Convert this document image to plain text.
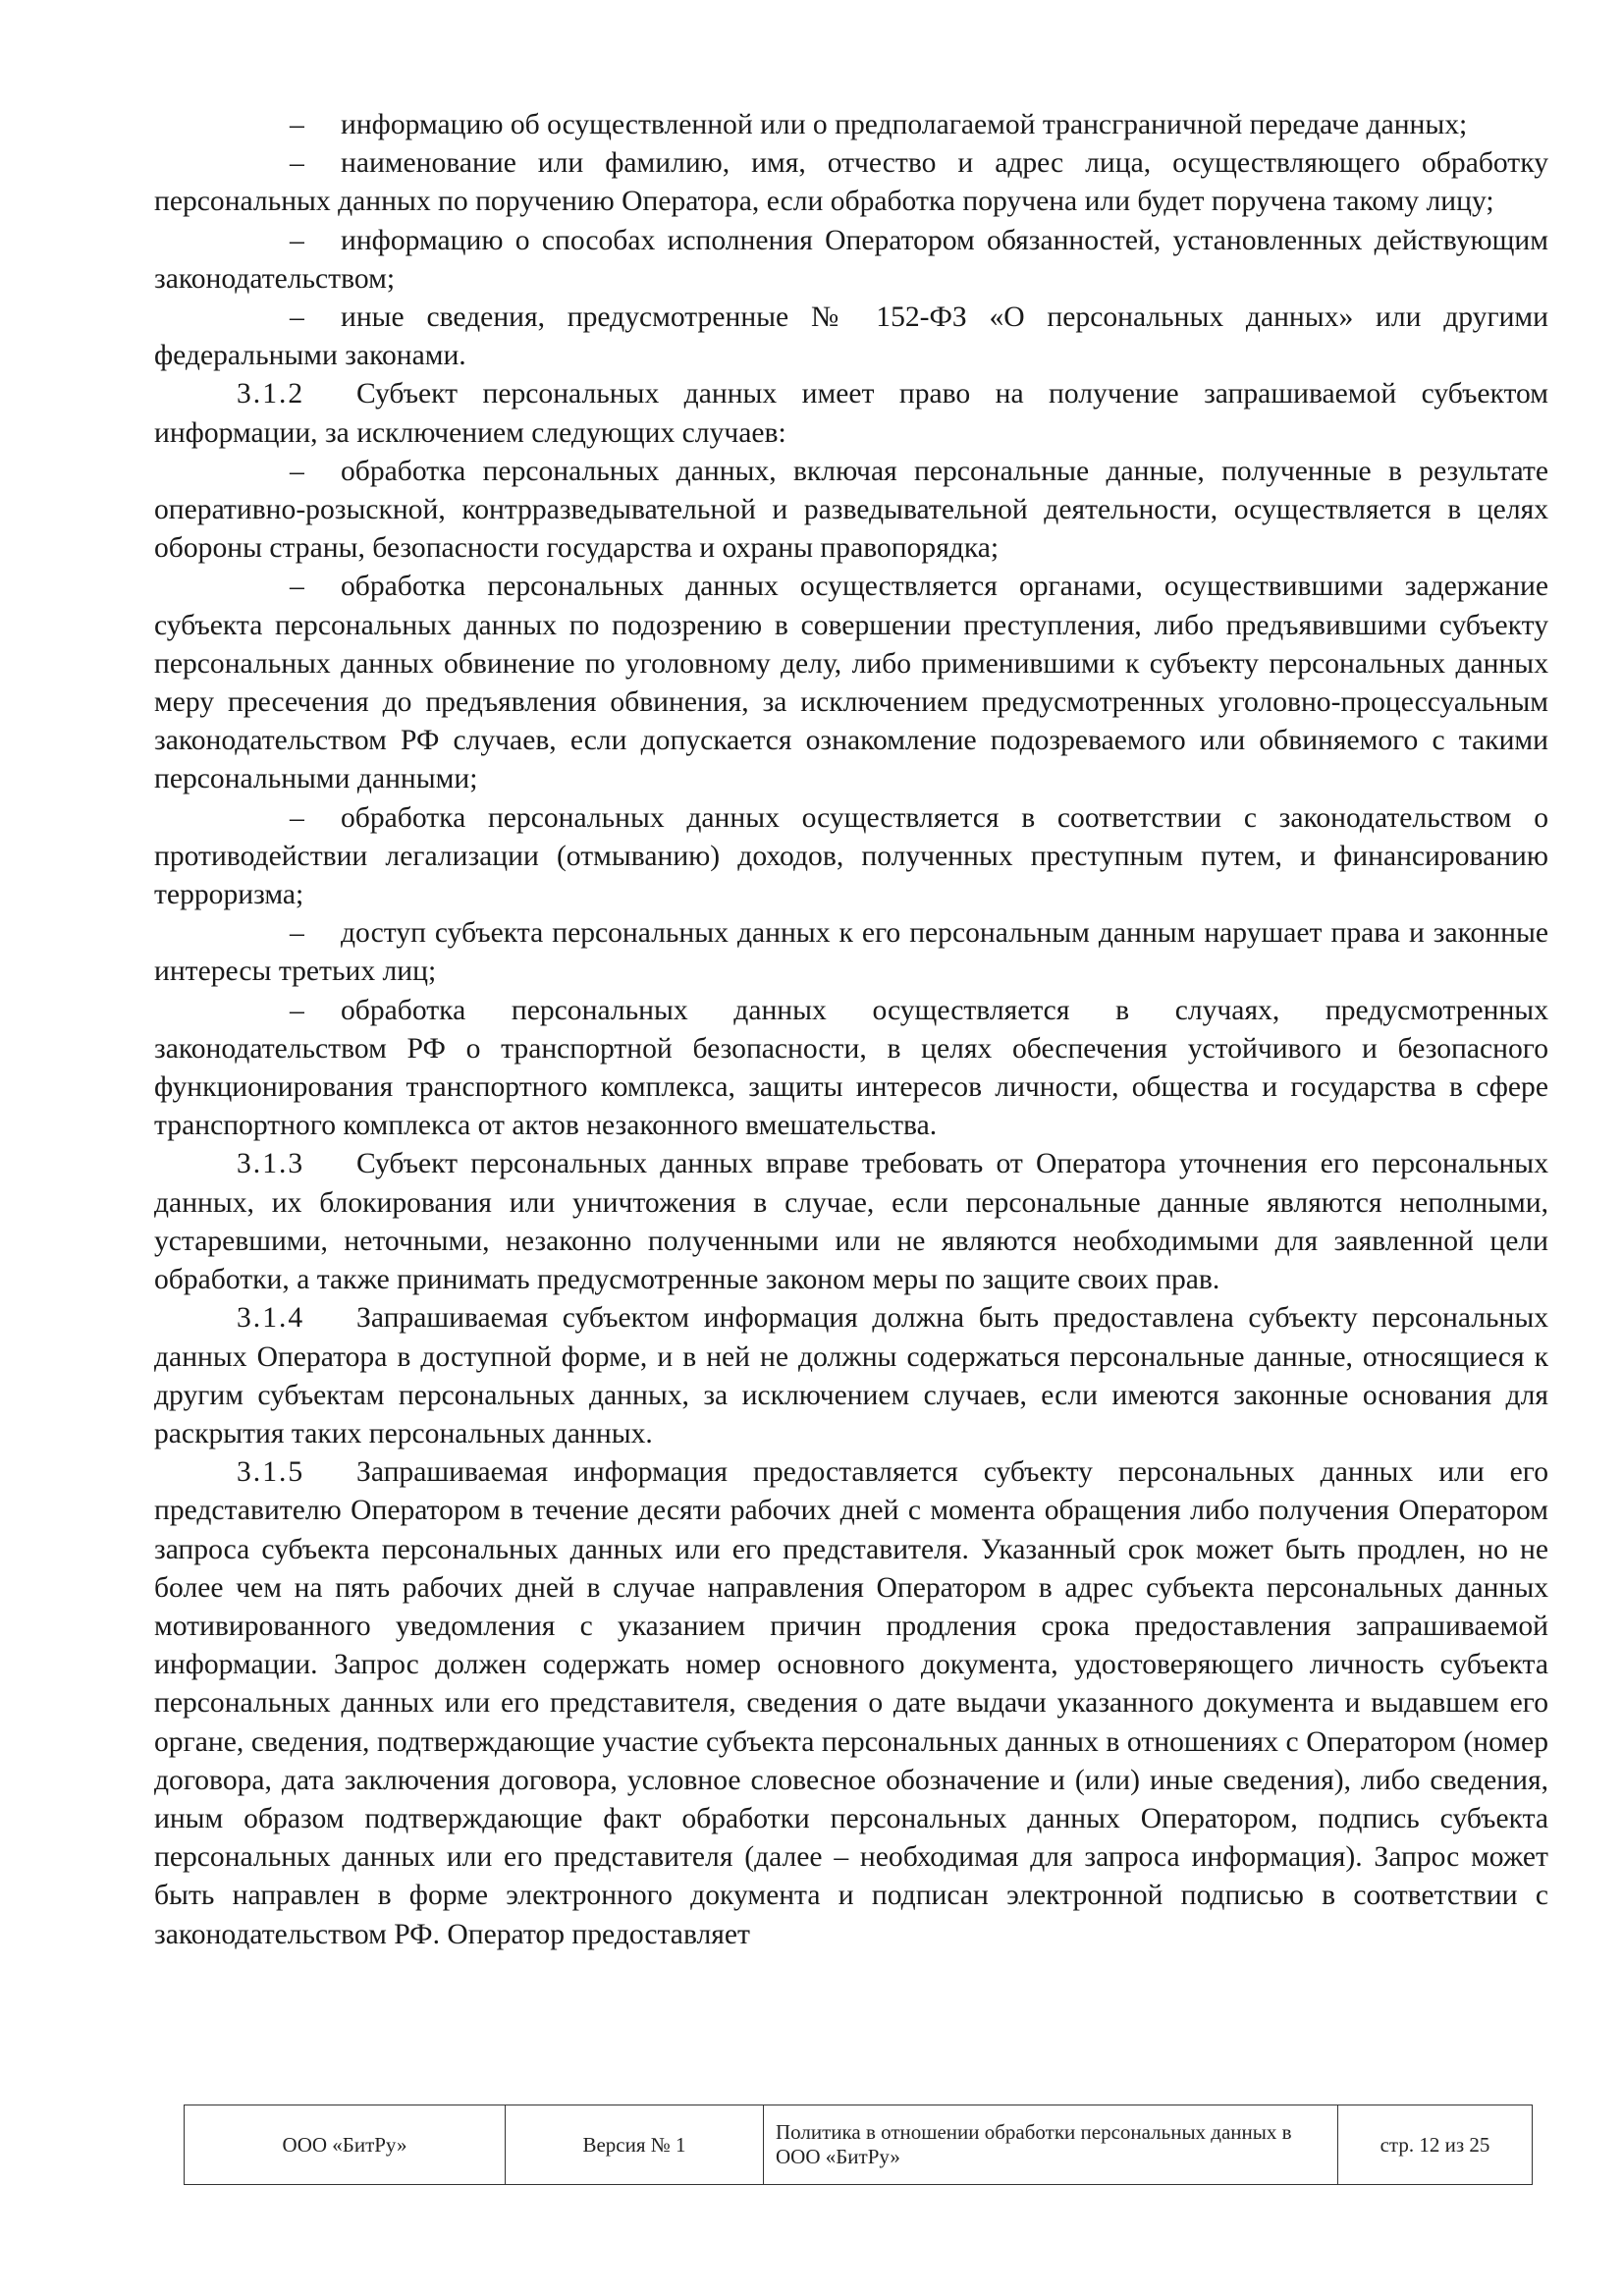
– информацию об осуществленной или о предполагаемой трансграничной передаче данных;

– наименование или фамилию, имя, отчество и адрес лица, осуществляющего обработку персональных данных по поручению Оператора, если обработка поручена или будет поручена такому лицу;

– информацию о способах исполнения Оператором обязанностей, установленных действующим законодательством;

– иные сведения, предусмотренные № 152-ФЗ «О персональных данных» или другими федеральными законами.

3.1.2 Субъект персональных данных имеет право на получение запрашиваемой субъектом информации, за исключением следующих случаев:

– обработка персональных данных, включая персональные данные, полученные в результате оперативно-розыскной, контрразведывательной и разведывательной деятельности, осуществляется в целях обороны страны, безопасности государства и охраны правопорядка;

– обработка персональных данных осуществляется органами, осуществившими задержание субъекта персональных данных по подозрению в совершении преступления, либо предъявившими субъекту персональных данных обвинение по уголовному делу, либо применившими к субъекту персональных данных меру пресечения до предъявления обвинения, за исключением предусмотренных уголовно-процессуальным законодательством РФ случаев, если допускается ознакомление подозреваемого или обвиняемого с такими персональными данными;

– обработка персональных данных осуществляется в соответствии с законодательством о противодействии легализации (отмыванию) доходов, полученных преступным путем, и финансированию терроризма;

– доступ субъекта персональных данных к его персональным данным нарушает права и законные интересы третьих лиц;

– обработка персональных данных осуществляется в случаях, предусмотренных законодательством РФ о транспортной безопасности, в целях обеспечения устойчивого и безопасного функционирования транспортного комплекса, защиты интересов личности, общества и государства в сфере транспортного комплекса от актов незаконного вмешательства.

3.1.3 Субъект персональных данных вправе требовать от Оператора уточнения его персональных данных, их блокирования или уничтожения в случае, если персональные данные являются неполными, устаревшими, неточными, незаконно полученными или не являются необходимыми для заявленной цели обработки, а также принимать предусмотренные законом меры по защите своих прав.

3.1.4 Запрашиваемая субъектом информация должна быть предоставлена субъекту персональных данных Оператора в доступной форме, и в ней не должны содержаться персональные данные, относящиеся к другим субъектам персональных данных, за исключением случаев, если имеются законные основания для раскрытия таких персональных данных.

3.1.5 Запрашиваемая информация предоставляется субъекту персональных данных или его представителю Оператором в течение десяти рабочих дней с момента обращения либо получения Оператором запроса субъекта персональных данных или его представителя. Указанный срок может быть продлен, но не более чем на пять рабочих дней в случае направления Оператором в адрес субъекта персональных данных мотивированного уведомления с указанием причин продления срока предоставления запрашиваемой информации. Запрос должен содержать номер основного документа, удостоверяющего личность субъекта персональных данных или его представителя, сведения о дате выдачи указанного документа и выдавшем его органе, сведения, подтверждающие участие субъекта персональных данных в отношениях с Оператором (номер договора, дата заключения договора, условное словесное обозначение и (или) иные сведения), либо сведения, иным образом подтверждающие факт обработки персональных данных Оператором, подпись субъекта персональных данных или его представителя (далее – необходимая для запроса информация). Запрос может быть направлен в форме электронного документа и подписан электронной подписью в соответствии с законодательством РФ. Оператор предоставляет

ООО «БитРу»	Версия № 1	Политика в отношении обработки персональных данных в ООО «БитРу»	стр. 12 из 25
